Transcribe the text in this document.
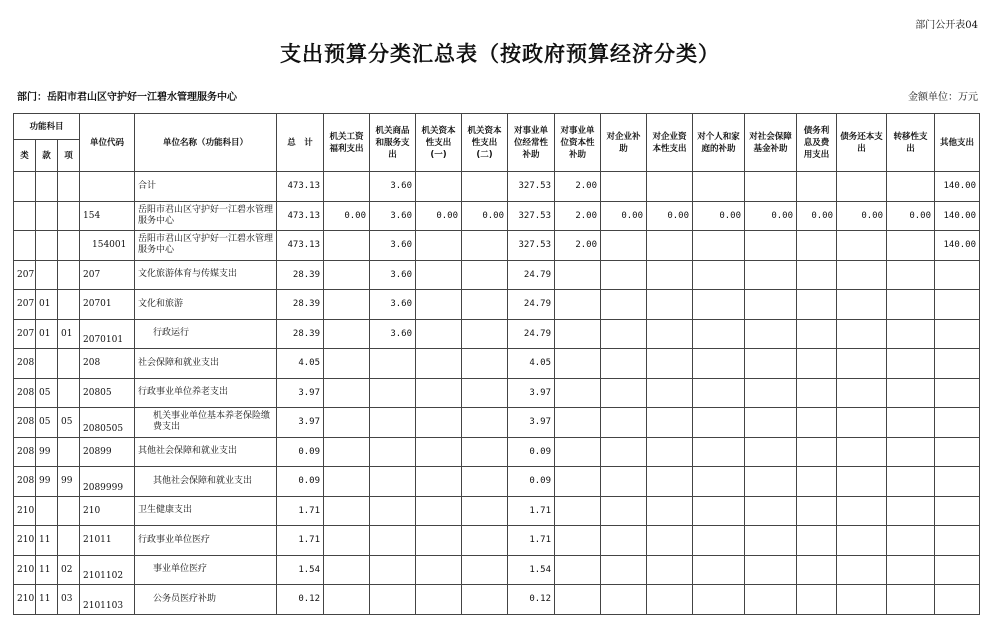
部门公开表04
支出预算分类汇总表（按政府预算经济分类）
部门：岳阳市君山区守护好一江碧水管理服务中心	金额单位：万元
功能科目			单位代码	单位名称（功能科目）	总　计	机关工资福利支出	机关商品和服务支出	机关资本性支出(一)	机关资本性支出(二)	对事业单位经常性补助	对事业单位资本性补助	对企业补助	对企业资本性支出	对个人和家庭的补助	对社会保障基金补助	债务利息及费用支出	债务还本支出	转移性支出	其他支出
类	款	项																	
				合计	473.13		3.60			327.53	2.00								140.00
			154	岳阳市君山区守护好一江碧水管理服务中心	473.13	0.00	3.60	0.00	0.00	327.53	2.00	0.00	0.00	0.00	0.00	0.00	0.00	0.00	140.00
			154001	岳阳市君山区守护好一江碧水管理服务中心	473.13		3.60			327.53	2.00								140.00
207			207	文化旅游体育与传媒支出	28.39		3.60			24.79									
207	01		20701	文化和旅游	28.39		3.60			24.79									
207	01	01	2070101	行政运行	28.39		3.60			24.79									
208			208	社会保障和就业支出	4.05					4.05									
208	05		20805	行政事业单位养老支出	3.97					3.97									
208	05	05	2080505	机关事业单位基本养老保险缴费支出	3.97					3.97									
208	99		20899	其他社会保障和就业支出	0.09					0.09									
208	99	99	2089999	其他社会保障和就业支出	0.09					0.09									
210			210	卫生健康支出	1.71					1.71									
210	11		21011	行政事业单位医疗	1.71					1.71									
210	11	02	2101102	事业单位医疗	1.54					1.54									
210	11	03	2101103	公务员医疗补助	0.12					0.12									
